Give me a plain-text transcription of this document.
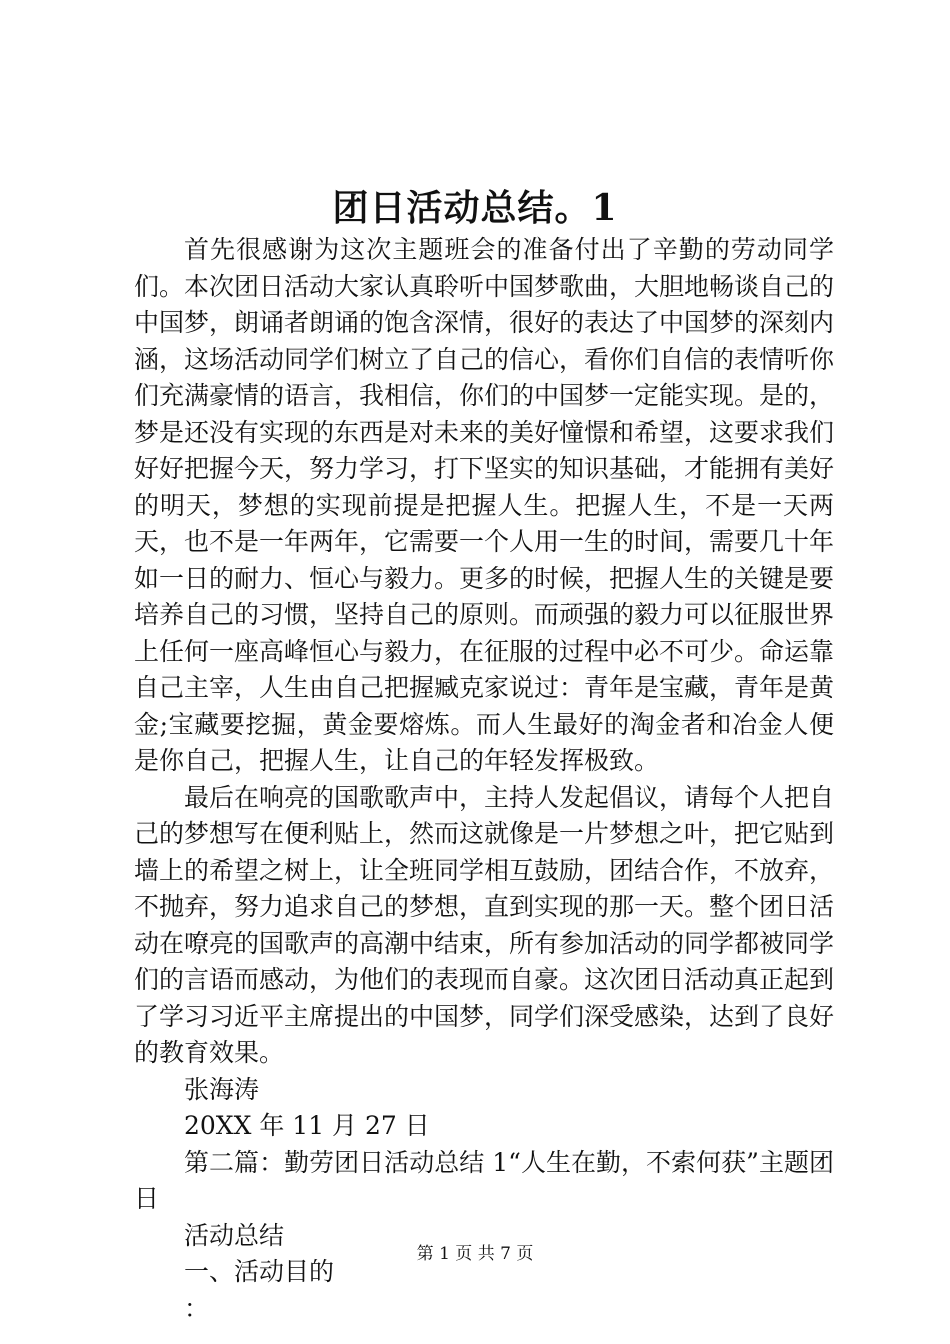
团日活动总结。1

首先很感谢为这次主题班会的准备付出了辛勤的劳动同学们。本次团日活动大家认真聆听中国梦歌曲，大胆地畅谈自己的中国梦，朗诵者朗诵的饱含深情，很好的表达了中国梦的深刻内涵，这场活动同学们树立了自己的信心，看你们自信的表情听你们充满豪情的语言，我相信，你们的中国梦一定能实现。是的，梦是还没有实现的东西是对未来的美好憧憬和希望，这要求我们好好把握今天，努力学习，打下坚实的知识基础，才能拥有美好的明天，梦想的实现前提是把握人生。把握人生，不是一天两天，也不是一年两年，它需要一个人用一生的时间，需要几十年如一日的耐力、恒心与毅力。更多的时候，把握人生的关键是要培养自己的习惯，坚持自己的原则。而顽强的毅力可以征服世界上任何一座高峰恒心与毅力，在征服的过程中必不可少。命运靠自己主宰，人生由自己把握臧克家说过：青年是宝藏，青年是黄金;宝藏要挖掘，黄金要熔炼。而人生最好的淘金者和冶金人便是你自己，把握人生，让自己的年轻发挥极致。

最后在响亮的国歌歌声中，主持人发起倡议，请每个人把自己的梦想写在便利贴上，然而这就像是一片梦想之叶，把它贴到墙上的希望之树上，让全班同学相互鼓励，团结合作，不放弃，不抛弃，努力追求自己的梦想，直到实现的那一天。整个团日活动在嘹亮的国歌声的高潮中结束，所有参加活动的同学都被同学们的言语而感动，为他们的表现而自豪。这次团日活动真正起到了学习习近平主席提出的中国梦，同学们深受感染，达到了良好的教育效果。

张海涛

20XX 年 11 月 27 日

第二篇：勤劳团日活动总结 1“人生在勤，不索何获”主题团日

活动总结

一、活动目的

：

第 1 页 共 7 页
